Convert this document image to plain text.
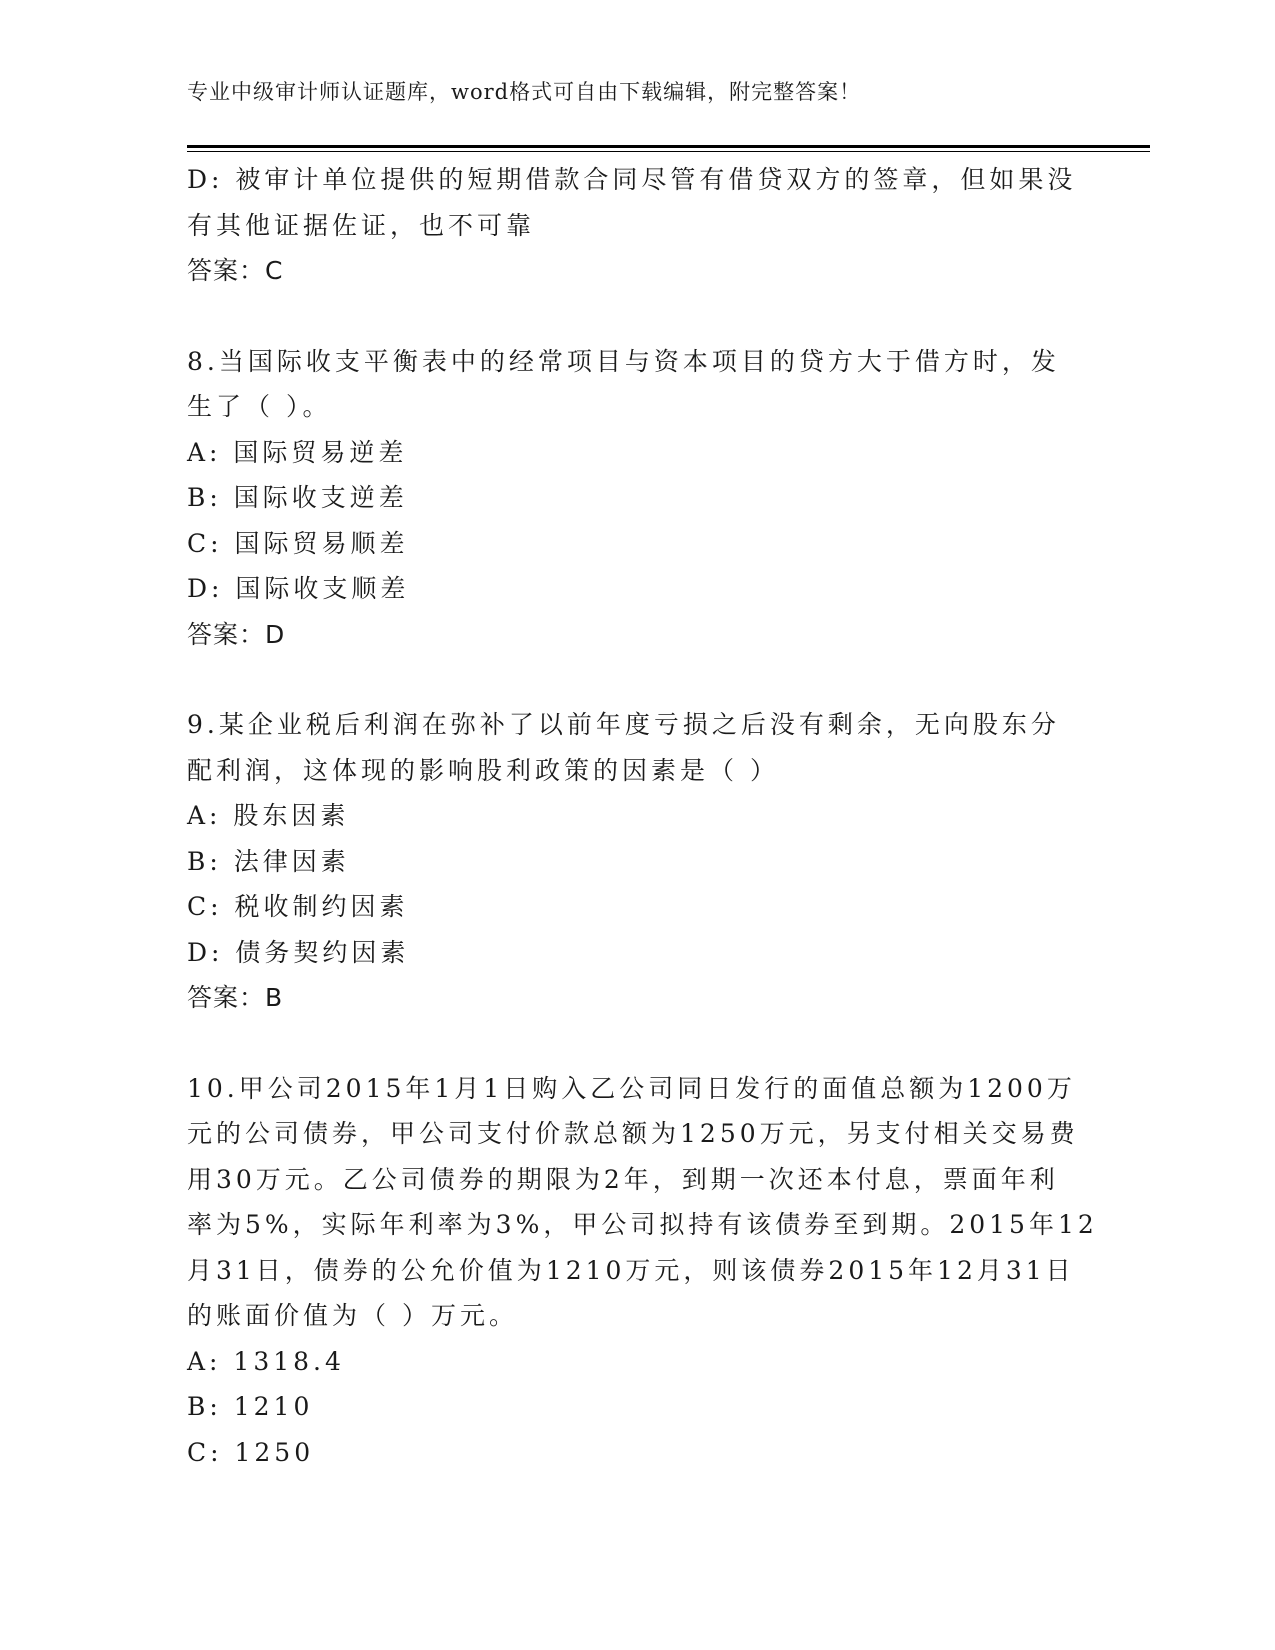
专业中级审计师认证题库，word格式可自由下载编辑，附完整答案！
D: 被审计单位提供的短期借款合同尽管有借贷双方的签章，但如果没
有其他证据佐证，也不可靠
答案：C
8.当国际收支平衡表中的经常项目与资本项目的贷方大于借方时，发
生了（ ）。
A: 国际贸易逆差
B: 国际收支逆差
C: 国际贸易顺差
D: 国际收支顺差
答案：D
9.某企业税后利润在弥补了以前年度亏损之后没有剩余，无向股东分
配利润，这体现的影响股利政策的因素是（ ）
A: 股东因素
B: 法律因素
C: 税收制约因素
D: 债务契约因素
答案：B
10.甲公司2015年1月1日购入乙公司同日发行的面值总额为1200万
元的公司债券，甲公司支付价款总额为1250万元，另支付相关交易费
用30万元。乙公司债券的期限为2年，到期一次还本付息，票面年利
率为5%，实际年利率为3%，甲公司拟持有该债券至到期。2015年12
月31日，债券的公允价值为1210万元，则该债券2015年12月31日
的账面价值为（ ）万元。
A: 1318.4
B: 1210
C: 1250
